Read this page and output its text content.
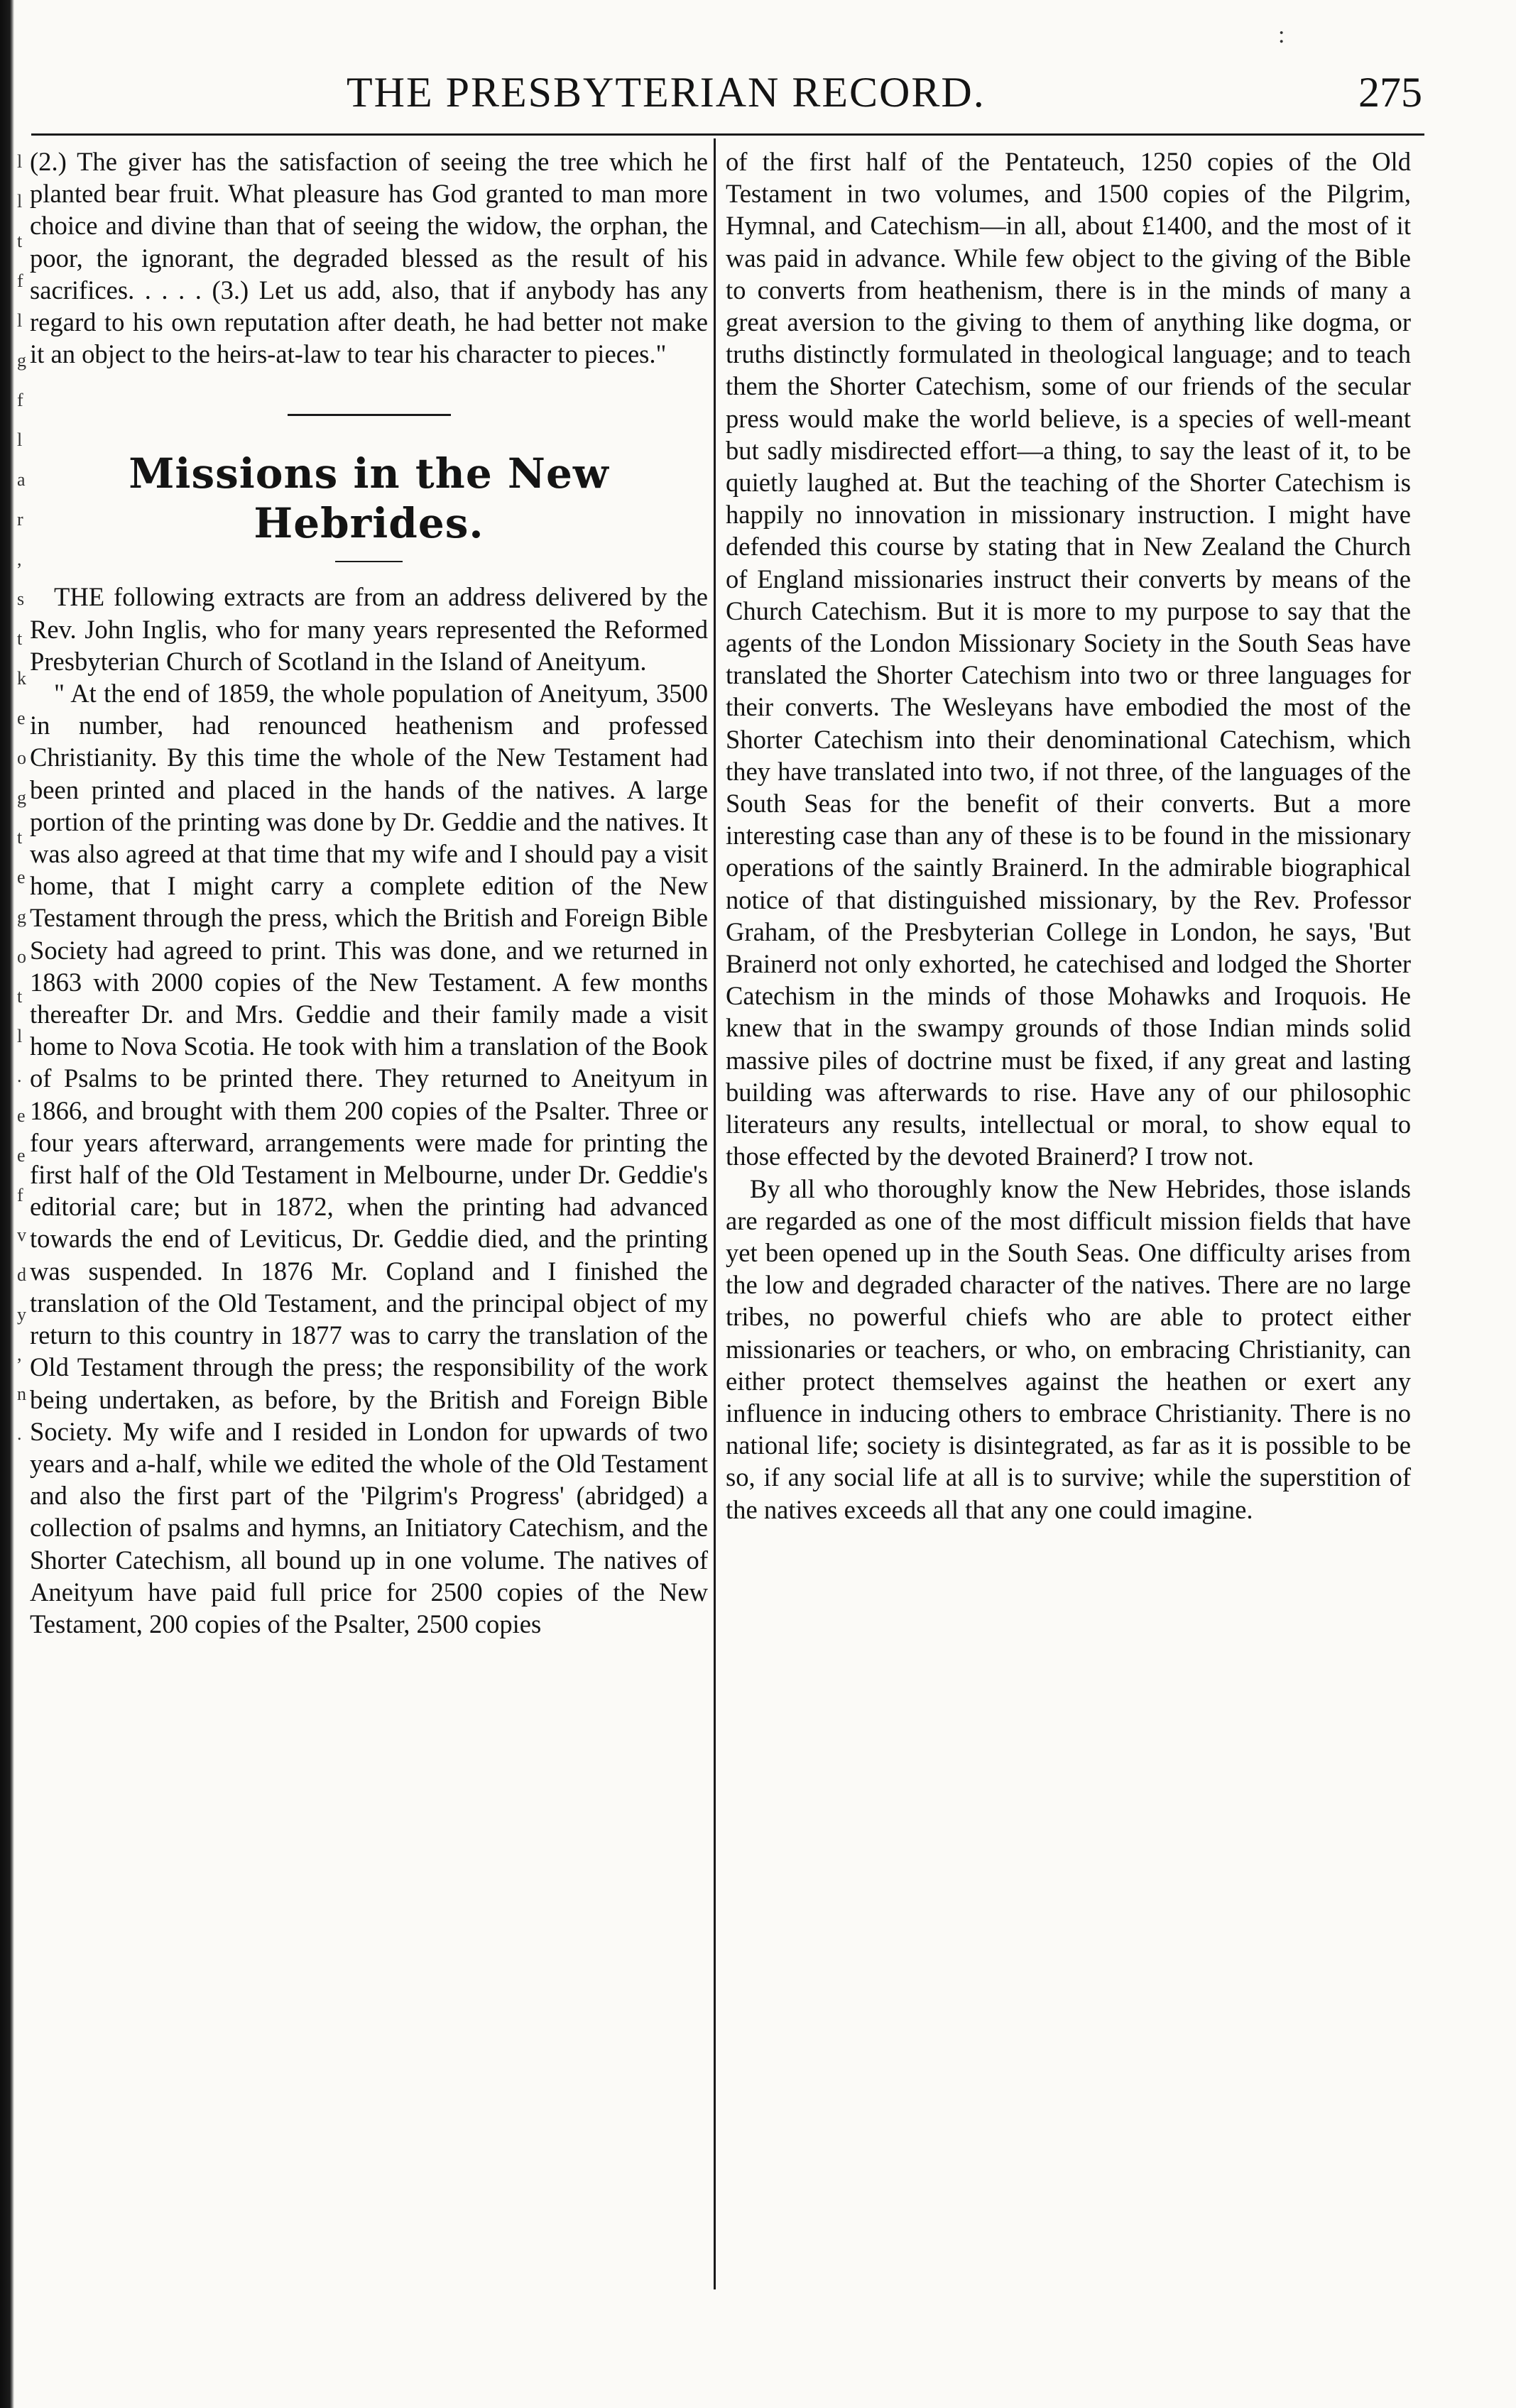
l l t f l g f l a r , s t k e o g t e g o t l . e e f v d y , n .
:
THE PRESBYTERIAN RECORD.	275

(2.) The giver has the satisfaction of seeing the tree which he planted bear fruit. What pleasure has God granted to man more choice and divine than that of seeing the widow, the orphan, the poor, the ignorant, the degraded blessed as the result of his sacrifices. . . . . (3.) Let us add, also, that if anybody has any regard to his own reputation after death, he had better not make it an object to the heirs-at-law to tear his character to pieces."

Missions in the New Hebrides.

THE following extracts are from an address delivered by the Rev. John Inglis, who for many years represented the Reformed Presbyterian Church of Scotland in the Island of Aneityum.

" At the end of 1859, the whole population of Aneityum, 3500 in number, had renounced heathenism and professed Christianity. By this time the whole of the New Testament had been printed and placed in the hands of the natives. A large portion of the printing was done by Dr. Geddie and the natives. It was also agreed at that time that my wife and I should pay a visit home, that I might carry a complete edition of the New Testament through the press, which the British and Foreign Bible Society had agreed to print. This was done, and we returned in 1863 with 2000 copies of the New Testament. A few months thereafter Dr. and Mrs. Geddie and their family made a visit home to Nova Scotia. He took with him a translation of the Book of Psalms to be printed there. They returned to Aneityum in 1866, and brought with them 200 copies of the Psalter. Three or four years afterward, arrangements were made for printing the first half of the Old Testament in Melbourne, under Dr. Geddie's editorial care; but in 1872, when the printing had advanced towards the end of Leviticus, Dr. Geddie died, and the printing was suspended. In 1876 Mr. Copland and I finished the translation of the Old Testament, and the principal object of my return to this country in 1877 was to carry the translation of the Old Testament through the press; the responsibility of the work being undertaken, as before, by the British and Foreign Bible Society. My wife and I resided in London for upwards of two years and a-half, while we edited the whole of the Old Testament and also the first part of the 'Pilgrim's Progress' (abridged) a collection of psalms and hymns, an Initiatory Catechism, and the Shorter Catechism, all bound up in one volume. The natives of Aneityum have paid full price for 2500 copies of the New Testament, 200 copies of the Psalter, 2500 copies

of the first half of the Pentateuch, 1250 copies of the Old Testament in two volumes, and 1500 copies of the Pilgrim, Hymnal, and Catechism—in all, about £1400, and the most of it was paid in advance. While few object to the giving of the Bible to converts from heathenism, there is in the minds of many a great aversion to the giving to them of anything like dogma, or truths distinctly formulated in theological language; and to teach them the Shorter Catechism, some of our friends of the secular press would make the world believe, is a species of well-meant but sadly misdirected effort—a thing, to say the least of it, to be quietly laughed at. But the teaching of the Shorter Catechism is happily no innovation in missionary instruction. I might have defended this course by stating that in New Zealand the Church of England missionaries instruct their converts by means of the Church Catechism. But it is more to my purpose to say that the agents of the London Missionary Society in the South Seas have translated the Shorter Catechism into two or three languages for their converts. The Wesleyans have embodied the most of the Shorter Catechism into their denominational Catechism, which they have translated into two, if not three, of the languages of the South Seas for the benefit of their converts. But a more interesting case than any of these is to be found in the missionary operations of the saintly Brainerd. In the admirable biographical notice of that distinguished missionary, by the Rev. Professor Graham, of the Presbyterian College in London, he says, 'But Brainerd not only exhorted, he catechised and lodged the Shorter Catechism in the minds of those Mohawks and Iroquois. He knew that in the swampy grounds of those Indian minds solid massive piles of doctrine must be fixed, if any great and lasting building was afterwards to rise. Have any of our philosophic literateurs any results, intellectual or moral, to show equal to those effected by the devoted Brainerd? I trow not.

By all who thoroughly know the New Hebrides, those islands are regarded as one of the most difficult mission fields that have yet been opened up in the South Seas. One difficulty arises from the low and degraded character of the natives. There are no large tribes, no powerful chiefs who are able to protect either missionaries or teachers, or who, on embracing Christianity, can either protect themselves against the heathen or exert any influence in inducing others to embrace Christianity. There is no national life; society is disintegrated, as far as it is possible to be so, if any social life at all is to survive; while the superstition of the natives exceeds all that any one could imagine.
